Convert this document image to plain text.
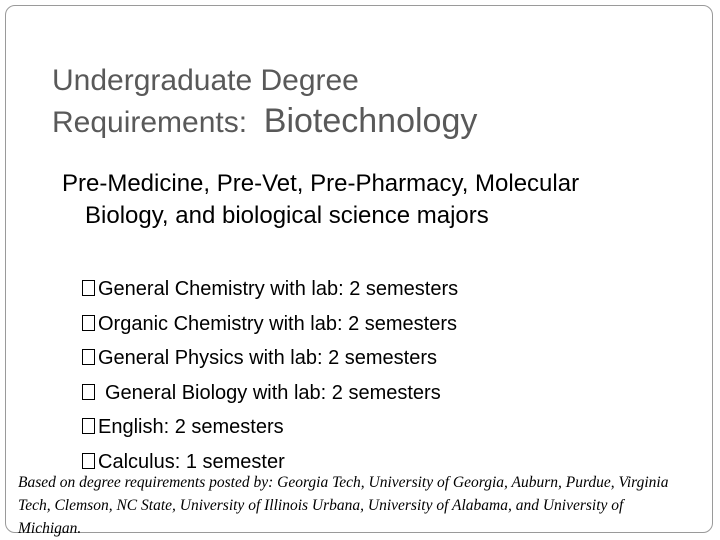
Undergraduate Degree
Requirements: Biotechnology
Pre-Medicine, Pre-Vet, Pre-Pharmacy, Molecular Biology, and biological science majors
General Chemistry with lab: 2 semesters
Organic Chemistry with lab: 2 semesters
General Physics with lab: 2 semesters
General Biology with lab: 2 semesters
English: 2 semesters
Calculus: 1 semester
Based on degree requirements posted by: Georgia Tech, University of Georgia, Auburn, Purdue, Virginia Tech, Clemson, NC State, University of Illinois Urbana, University of Alabama, and University of Michigan.
